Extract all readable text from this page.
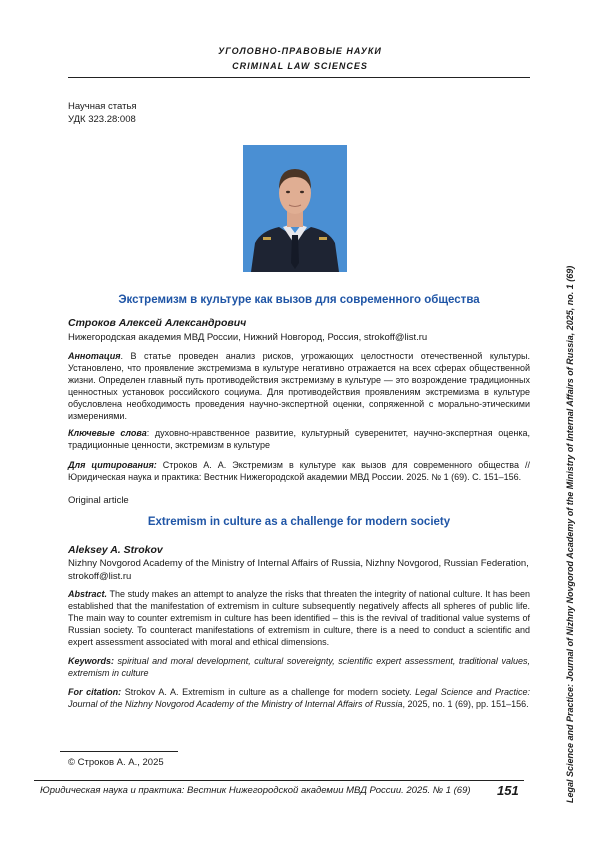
УГОЛОВНО-ПРАВОВЫЕ НАУКИ
CRIMINAL LAW SCIENCES
Научная статья
УДК 323.28:008
Экстремизм в культуре как вызов для современного общества
Строков Алексей Александрович
Нижегородская академия МВД России, Нижний Новгород, Россия, strokoff@list.ru
Аннотация. В статье проведен анализ рисков, угрожающих целостности отечественной культуры. Установлено, что проявление экстремизма в культуре негативно отражается на всех сферах общественной жизни. Определен главный путь противодействия экстремизму в культуре — это возрождение традиционных ценностных установок российского социума. Для противодействия проявлениям экстремизма в культуре обусловлена необходимость проведения научно-экспертной оценки, сопряженной с морально-этическими измерениями.
Ключевые слова: духовно-нравственное развитие, культурный суверенитет, научно-экспертная оценка, традиционные ценности, экстремизм в культуре
Для цитирования: Строков А. А. Экстремизм в культуре как вызов для современного общества // Юридическая наука и практика: Вестник Нижегородской академии МВД России. 2025. № 1 (69). С. 151–156.
Original article
Extremism in culture as a challenge for modern society
Aleksey A. Strokov
Nizhny Novgorod Academy of the Ministry of Internal Affairs of Russia, Nizhny Novgorod, Russian Federation, strokoff@list.ru
Abstract. The study makes an attempt to analyze the risks that threaten the integrity of national culture. It has been established that the manifestation of extremism in culture subsequently negatively affects all spheres of public life. The main way to counter extremism in culture has been identified – this is the revival of traditional value systems of Russian society. To counteract manifestations of extremism in culture, there is a need to conduct a scientific and expert assessment associated with moral and ethical dimensions.
Keywords: spiritual and moral development, cultural sovereignty, scientific expert assessment, traditional values, extremism in culture
For citation: Strokov A. A. Extremism in culture as a challenge for modern society. Legal Science and Practice: Journal of the Nizhny Novgorod Academy of the Ministry of Internal Affairs of Russia, 2025, no. 1 (69), pp. 151–156.
© Строков А. А., 2025
Юридическая наука и практика: Вестник Нижегородской академии МВД России. 2025. № 1 (69) 151	Legal Science and Practice: Journal of Nizhny Novgorod Academy of the Ministry of Internal Affairs of Russia, 2025, no. 1 (69)
